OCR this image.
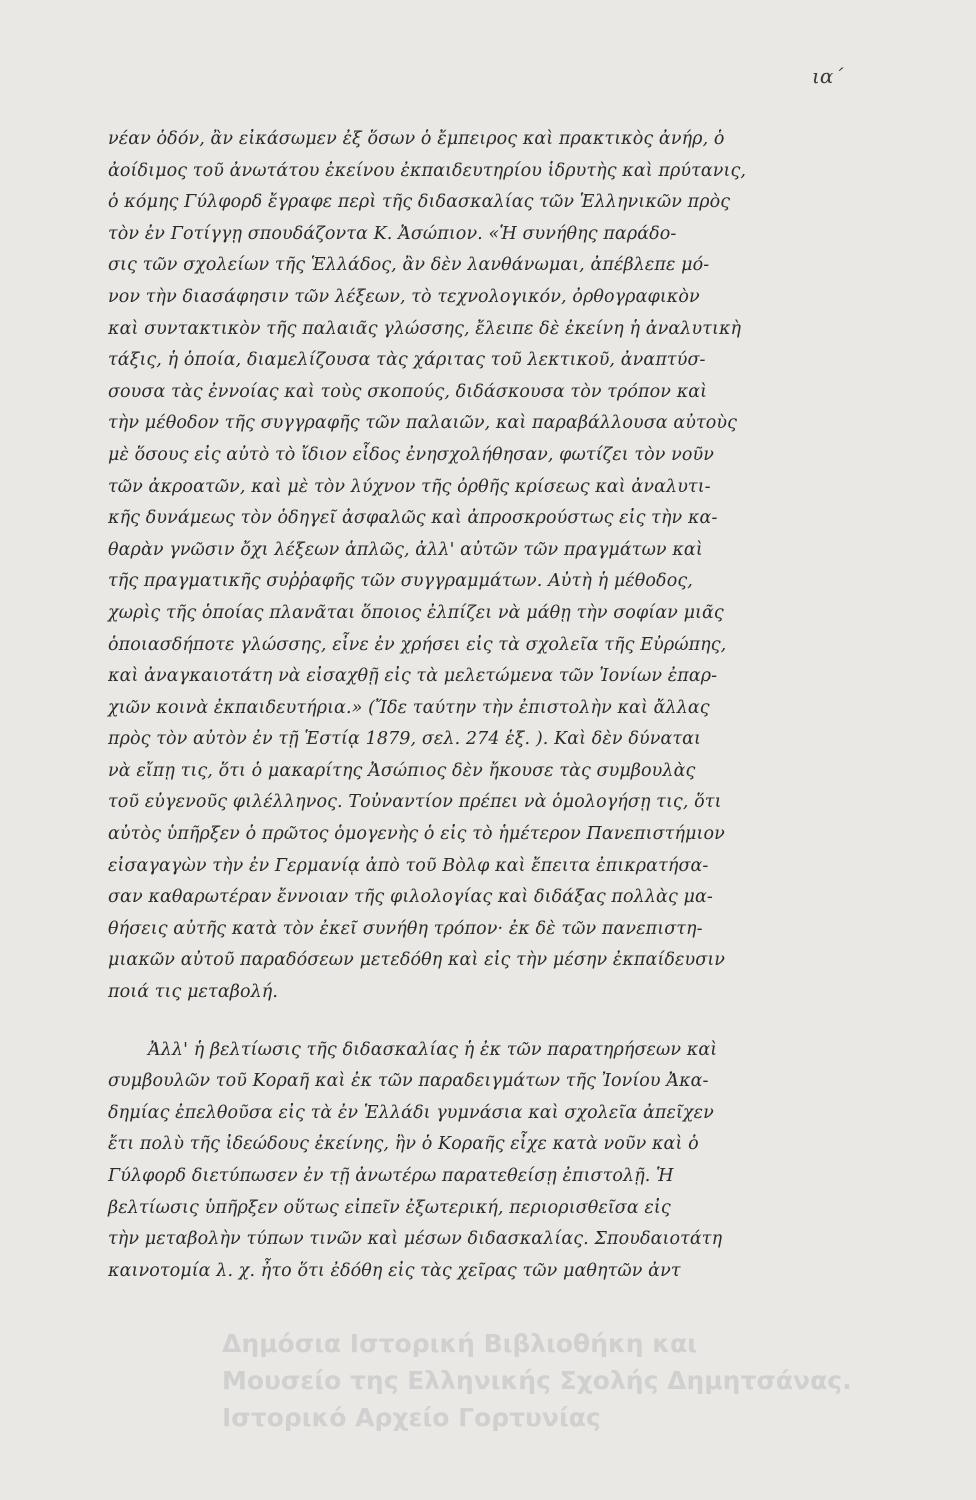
ια΄
νέαν ὁδόν, ἂν εἰκάσωμεν ἐξ ὅσων ὁ ἔμπειρος καὶ πρακτικὸς ἀνήρ, ὁ
ἀοίδιμος τοῦ ἀνωτάτου ἐκείνου ἐκπαιδευτηρίου ἱδρυτὴς καὶ πρύτανις,
ὁ κόμης Γύλφορδ ἔγραφε περὶ τῆς διδασκαλίας τῶν Ἑλληνικῶν πρὸς
τὸν ἐν Γοτίγγῃ σπουδάζοντα Κ. Ἀσώπιον. «Ἡ συνήθης παράδο-
σις τῶν σχολείων τῆς Ἑλλάδος, ἂν δὲν λανθάνωμαι, ἀπέβλεπε μό-
νον τὴν διασάφησιν τῶν λέξεων, τὸ τεχνολογικόν, ὀρθογραφικὸν
καὶ συντακτικὸν τῆς παλαιᾶς γλώσσης, ἔλειπε δὲ ἐκείνη ἡ ἀναλυτικὴ
τάξις, ἡ ὁποία, διαμελίζουσα τὰς χάριτας τοῦ λεκτικοῦ, ἀναπτύσ-
σουσα τὰς ἐννοίας καὶ τοὺς σκοπούς, διδάσκουσα τὸν τρόπον καὶ
τὴν μέθοδον τῆς συγγραφῆς τῶν παλαιῶν, καὶ παραβάλλουσα αὐτοὺς
μὲ ὅσους εἰς αὐτὸ τὸ ἴδιον εἶδος ἐνησχολήθησαν, φωτίζει τὸν νοῦν
τῶν ἀκροατῶν, καὶ μὲ τὸν λύχνον τῆς ὀρθῆς κρίσεως καὶ ἀναλυτι-
κῆς δυνάμεως τὸν ὁδηγεῖ ἀσφαλῶς καὶ ἀπροσκρούστως εἰς τὴν κα-
θαρὰν γνῶσιν ὄχι λέξεων ἁπλῶς, ἀλλ' αὐτῶν τῶν πραγμάτων καὶ
τῆς πραγματικῆς συῤῥαφῆς τῶν συγγραμμάτων. Αὐτὴ ἡ μέθοδος,
χωρὶς τῆς ὁποίας πλανᾶται ὅποιος ἐλπίζει νὰ μάθῃ τὴν σοφίαν μιᾶς
ὁποιασδήποτε γλώσσης, εἶνε ἐν χρήσει εἰς τὰ σχολεῖα τῆς Εὐρώπης,
καὶ ἀναγκαιοτάτη νὰ εἰσαχθῇ εἰς τὰ μελετώμενα τῶν Ἰονίων ἐπαρ-
χιῶν κοινὰ ἐκπαιδευτήρια.» (Ἴδε ταύτην τὴν ἐπιστολὴν καὶ ἄλλας
πρὸς τὸν αὐτὸν ἐν τῇ Ἑστίᾳ 1879, σελ. 274 ἑξ. ). Καὶ δὲν δύναται
νὰ εἴπῃ τις, ὅτι ὁ μακαρίτης Ἀσώπιος δὲν ἤκουσε τὰς συμβουλὰς
τοῦ εὐγενοῦς φιλέλληνος. Τοὐναντίον πρέπει νὰ ὁμολογήσῃ τις, ὅτι
αὐτὸς ὑπῆρξεν ὁ πρῶτος ὁμογενὴς ὁ εἰς τὸ ἡμέτερον Πανεπιστήμιον
εἰσαγαγὼν τὴν ἐν Γερμανίᾳ ἀπὸ τοῦ Βὸλφ καὶ ἔπειτα ἐπικρατήσα-
σαν καθαρωτέραν ἔννοιαν τῆς φιλολογίας καὶ διδάξας πολλὰς μα-
θήσεις αὐτῆς κατὰ τὸν ἐκεῖ συνήθη τρόπον· ἐκ δὲ τῶν πανεπιστη-
μιακῶν αὐτοῦ παραδόσεων μετεδόθη καὶ εἰς τὴν μέσην ἐκπαίδευσιν
ποιά τις μεταβολή.
Ἀλλ' ἡ βελτίωσις τῆς διδασκαλίας ἡ ἐκ τῶν παρατηρήσεων καὶ
συμβουλῶν τοῦ Κοραῆ καὶ ἐκ τῶν παραδειγμάτων τῆς Ἰονίου Ἀκα-
δημίας ἐπελθοῦσα εἰς τὰ ἐν Ἑλλάδι γυμνάσια καὶ σχολεῖα ἀπεῖχεν
ἔτι πολὺ τῆς ἰδεώδους ἐκείνης, ἣν ὁ Κοραῆς εἶχε κατὰ νοῦν καὶ ὁ
Γύλφορδ διετύπωσεν ἐν τῇ ἀνωτέρω παρατεθείσῃ ἐπιστολῇ. Ἡ
βελτίωσις ὑπῆρξεν οὕτως εἰπεῖν ἐξωτερική, περιορισθεῖσα εἰς
τὴν μεταβολὴν τύπων τινῶν καὶ μέσων διδασκαλίας. Σπουδαιοτάτη
καινοτομία λ. χ. ἦτο ὅτι ἐδόθη εἰς τὰς χεῖρας τῶν μαθητῶν ἀντ
Δημόσια Ιστορική Βιβλιοθήκη και
Μουσείο της Ελληνικής Σχολής Δημητσάνας.
Ιστορικό Αρχείο Γορτυνίας
